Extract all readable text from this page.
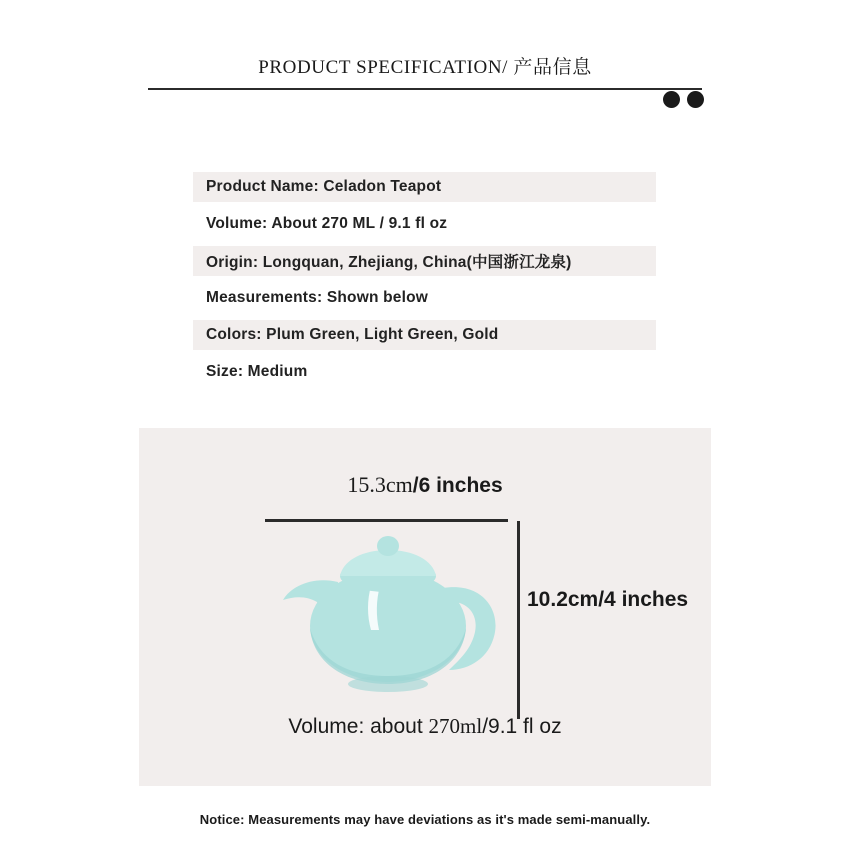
PRODUCT SPECIFICATION/ 产品信息
Product Name: Celadon Teapot
Volume: About 270 ML / 9.1 fl oz
Origin: Longquan, Zhejiang, China(中国浙江龙泉)
Measurements: Shown below
Colors: Plum Green, Light Green, Gold
Size: Medium
15.3cm/6 inches
10.2cm/4 inches
Volume: about 270ml/9.1 fl oz
Notice: Measurements may have deviations as it's made semi-manually.
